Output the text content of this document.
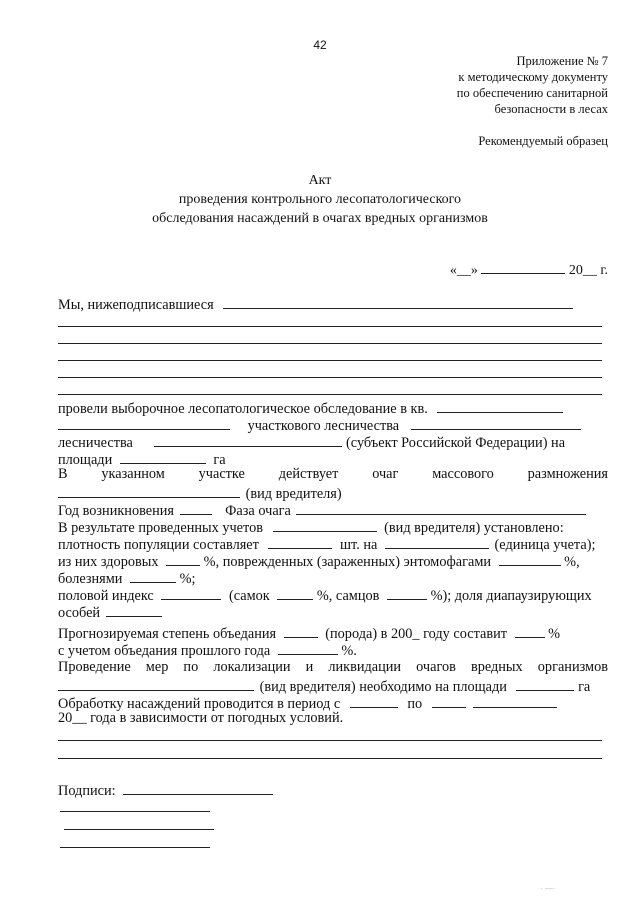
42
Приложение № 7
к методическому документу
по обеспечению санитарной
безопасности в лесах
Рекомендуемый образец
Акт
проведения контрольного лесопатологического
обследования насаждений в очагах вредных организмов
«__»	20__ г.
Мы, нижеподписавшиеся
провели выборочное лесопатологическое обследование в кв.
участкового лесничества
лесничества	(субъект Российской Федерации) на
площади	га
В указанном участке действует очаг массового размножения
(вид вредителя)
Год возникновения	Фаза очага
В результате проведенных учетов	(вид вредителя) установлено:
плотность популяции составляет	шт. на	(единица учета);
из них здоровых	%, поврежденных (зараженных) энтомофагами	%,
болезнями	%;
половой индекс	(самок	%, самцов	%); доля диапаузирующих
особей
Прогнозируемая степень объедания	(порода) в 200_ году составит	%
с учетом объедания прошлого года	%.
Проведение мер по локализации и ликвидации очагов вредных организмов
(вид вредителя) необходимо на площади	га
Обработку насаждений проводится в период с	по
20__ года в зависимости от погодных условий.
Подписи:
· —·
